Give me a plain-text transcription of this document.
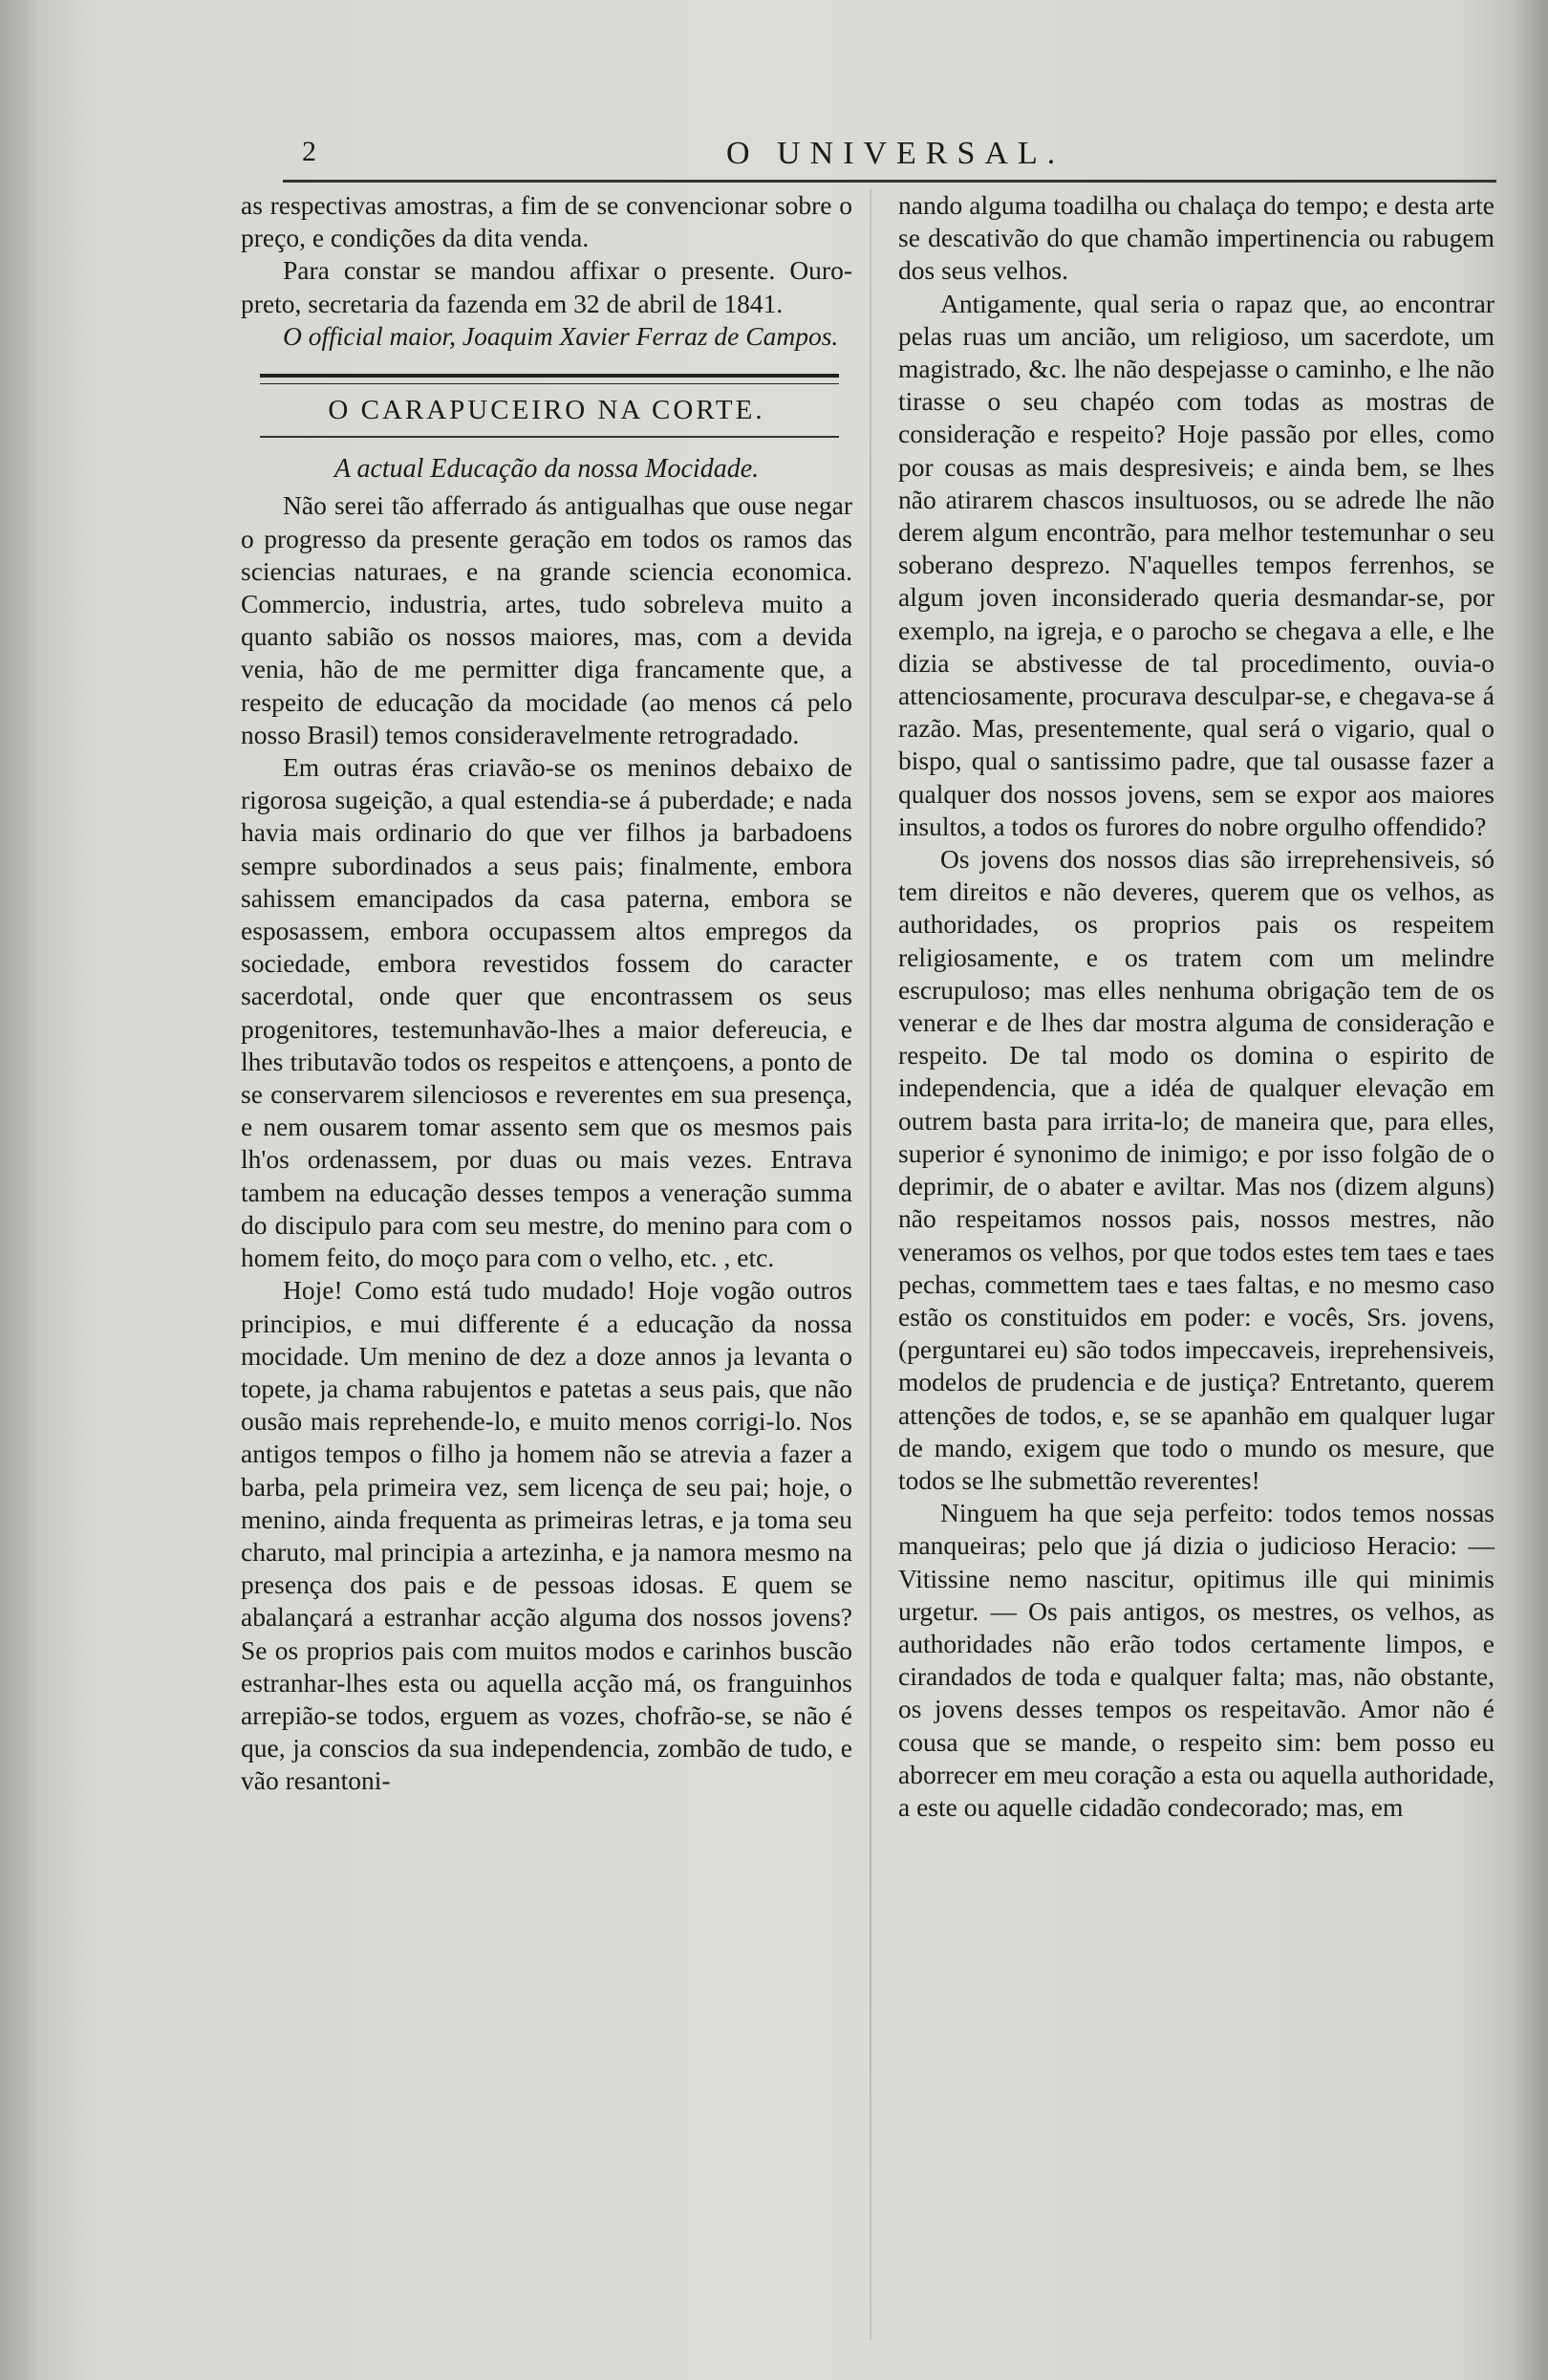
2	O UNIVERSAL.

as respectivas amostras, a fim de se convencionar sobre o preço, e condições da dita venda.

Para constar se mandou affixar o presente. Ouro-preto, secretaria da fazenda em 32 de abril de 1841.

O official maior, Joaquim Xavier Ferraz de Campos.

O CARAPUCEIRO NA CORTE.
A actual Educação da nossa Mocidade.

Não serei tão afferrado ás antigualhas que ouse negar o progresso da presente geração em todos os ramos das sciencias naturaes, e na grande sciencia economica. Commercio, industria, artes, tudo sobreleva muito a quanto sabião os nossos maiores, mas, com a devida venia, hão de me permitter diga francamente que, a respeito de educação da mocidade (ao menos cá pelo nosso Brasil) temos consideravelmente retrogradado.

Em outras éras criavão-se os meninos debaixo de rigorosa sugeição, a qual estendia-se á puberdade; e nada havia mais ordinario do que ver filhos ja barbadoens sempre subordinados a seus pais; finalmente, embora sahissem emancipados da casa paterna, embora se esposassem, embora occupassem altos empregos da sociedade, embora revestidos fossem do caracter sacerdotal, onde quer que encontrassem os seus progenitores, testemunhavão-lhes a maior defereucia, e lhes tributavão todos os respeitos e attençoens, a ponto de se conservarem silenciosos e reverentes em sua presença, e nem ousarem tomar assento sem que os mesmos pais lh'os ordenassem, por duas ou mais vezes. Entrava tambem na educação desses tempos a veneração summa do discipulo para com seu mestre, do menino para com o homem feito, do moço para com o velho, etc. , etc.

Hoje! Como está tudo mudado! Hoje vogão outros principios, e mui differente é a educação da nossa mocidade. Um menino de dez a doze annos ja levanta o topete, ja chama rabujentos e patetas a seus pais, que não ousão mais reprehende-lo, e muito menos corrigi-lo. Nos antigos tempos o filho ja homem não se atrevia a fazer a barba, pela primeira vez, sem licença de seu pai; hoje, o menino, ainda frequenta as primeiras letras, e ja toma seu charuto, mal principia a artezinha, e ja namora mesmo na presença dos pais e de pessoas idosas. E quem se abalançará a estranhar acção alguma dos nossos jovens? Se os proprios pais com muitos modos e carinhos buscão estranhar-lhes esta ou aquella acção má, os franguinhos arrepião-se todos, erguem as vozes, chofrão-se, se não é que, ja conscios da sua independencia, zombão de tudo, e vão resantoni-

nando alguma toadilha ou chalaça do tempo; e desta arte se descativão do que chamão impertinencia ou rabugem dos seus velhos.

Antigamente, qual seria o rapaz que, ao encontrar pelas ruas um ancião, um religioso, um sacerdote, um magistrado, &c. lhe não despejasse o caminho, e lhe não tirasse o seu chapéo com todas as mostras de consideração e respeito? Hoje passão por elles, como por cousas as mais despresiveis; e ainda bem, se lhes não atirarem chascos insultuosos, ou se adrede lhe não derem algum encontrão, para melhor testemunhar o seu soberano desprezo. N'aquelles tempos ferrenhos, se algum joven inconsiderado queria desmandar-se, por exemplo, na igreja, e o parocho se chegava a elle, e lhe dizia se abstivesse de tal procedimento, ouvia-o attenciosamente, procurava desculpar-se, e chegava-se á razão. Mas, presentemente, qual será o vigario, qual o bispo, qual o santissimo padre, que tal ousasse fazer a qualquer dos nossos jovens, sem se expor aos maiores insultos, a todos os furores do nobre orgulho offendido?

Os jovens dos nossos dias são irreprehensiveis, só tem direitos e não deveres, querem que os velhos, as authoridades, os proprios pais os respeitem religiosamente, e os tratem com um melindre escrupuloso; mas elles nenhuma obrigação tem de os venerar e de lhes dar mostra alguma de consideração e respeito. De tal modo os domina o espirito de independencia, que a idéa de qualquer elevação em outrem basta para irrita-lo; de maneira que, para elles, superior é synonimo de inimigo; e por isso folgão de o deprimir, de o abater e aviltar. Mas nos (dizem alguns) não respeitamos nossos pais, nossos mestres, não veneramos os velhos, por que todos estes tem taes e taes pechas, commettem taes e taes faltas, e no mesmo caso estão os constituidos em poder: e vocês, Srs. jovens, (perguntarei eu) são todos impeccaveis, ireprehensiveis, modelos de prudencia e de justiça? Entretanto, querem attenções de todos, e, se se apanhão em qualquer lugar de mando, exigem que todo o mundo os mesure, que todos se lhe submettão reverentes!

Ninguem ha que seja perfeito: todos temos nossas manqueiras; pelo que já dizia o judicioso Heracio: — Vitissine nemo nascitur, opitimus ille qui minimis urgetur. — Os pais antigos, os mestres, os velhos, as authoridades não erão todos certamente limpos, e cirandados de toda e qualquer falta; mas, não obstante, os jovens desses tempos os respeitavão. Amor não é cousa que se mande, o respeito sim: bem posso eu aborrecer em meu coração a esta ou aquella authoridade, a este ou aquelle cidadão condecorado; mas, em
